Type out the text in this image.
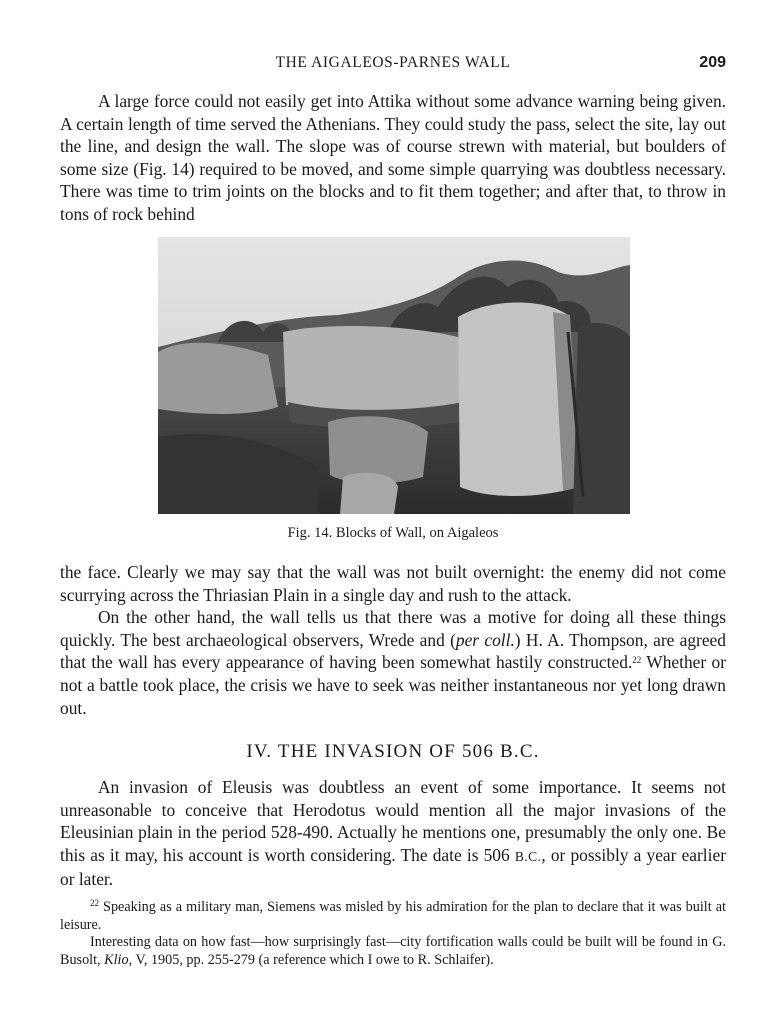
THE AIGALEOS-PARNES WALL	209

A large force could not easily get into Attika without some advance warning being given. A certain length of time served the Athenians. They could study the pass, select the site, lay out the line, and design the wall. The slope was of course strewn with material, but boulders of some size (Fig. 14) required to be moved, and some simple quarrying was doubtless necessary. There was time to trim joints on the blocks and to fit them together; and after that, to throw in tons of rock behind

Fig. 14. Blocks of Wall, on Aigaleos

the face. Clearly we may say that the wall was not built overnight: the enemy did not come scurrying across the Thriasian Plain in a single day and rush to the attack.

On the other hand, the wall tells us that there was a motive for doing all these things quickly. The best archaeological observers, Wrede and (per coll.) H. A. Thompson, are agreed that the wall has every appearance of having been somewhat hastily constructed.$^{22}$ Whether or not a battle took place, the crisis we have to seek was neither instantaneous nor yet long drawn out.

IV. THE INVASION OF 506 B.C.

An invasion of Eleusis was doubtless an event of some importance. It seems not unreasonable to conceive that Herodotus would mention all the major invasions of the Eleusinian plain in the period 528-490. Actually he mentions one, presumably the only one. Be this as it may, his account is worth considering. The date is 506 B.C., or possibly a year earlier or later.

$^{22}$ Speaking as a military man, Siemens was misled by his admiration for the plan to declare that it was built at leisure.

Interesting data on how fast—how surprisingly fast—city fortification walls could be built will be found in G. Busolt, Klio, V, 1905, pp. 255-279 (a reference which I owe to R. Schlaifer).
